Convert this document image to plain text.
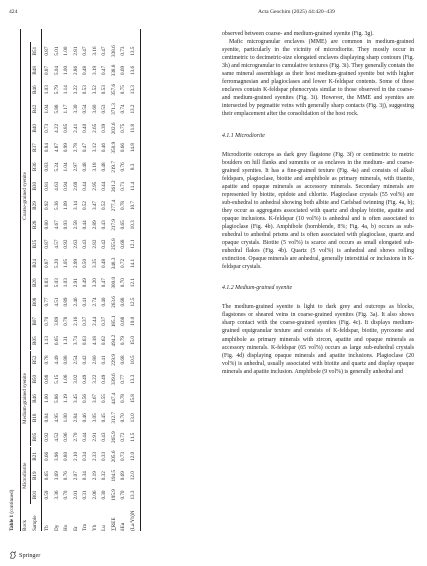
424	Acta Geochim (2025) 44:420–439
Table 1 (continued)
Rock
Microdiorite
Medium-grained syenite
Coarse-grained syenite
Sample
B01
B19
B21
B05
B18
B46
B50
B52
B05
B07
B08
B20
B24
B25
B28
B29
B30
B36
B37
B40
B42
B46
B48
B51
Tb
0.59
0.65
0.66
0.92
0.84
1.00
0.88
0.78
1.13
0.70
0.77
0.83
0.87
0.87
0.80
0.92
0.81
0.83
0.84
0.73
1.04
1.03
0.87
0.87
Dy
3.36
3.69
3.96
4.52
4.95
5.86
5.15
4.49
6.65
3.89
4.51
5.03
5.20
4.57
4.67
5.36
4.63
5.24
4.87
4.22
5.88
5.79
5.04
5.01
Ho
0.70
0.76
0.80
0.96
1.00
1.19
1.06
0.88
1.31
0.78
0.89
1.03
1.05
0.92
0.93
1.09
0.94
1.04
0.99
0.85
1.17
1.14
1.00
1.00
Er
2.01
2.07
2.10
2.70
2.84
3.45
3.02
2.54
3.74
2.16
2.46
2.91
2.99
2.63
2.58
3.14
2.69
2.97
2.78
2.41
3.30
3.22
2.86
2.81
Tm
0.31
0.34
0.34
0.44
0.46
0.56
0.49
0.42
0.63
0.37
0.41
0.49
0.50
0.43
0.44
0.52
0.44
0.48
0.47
0.40
0.54
0.53
0.48
0.47
Yb
2.06
2.19
2.33
2.91
3.05
3.67
3.22
2.80
4.18
2.44
2.74
3.20
3.35
2.82
2.89
3.47
2.95
3.18
3.12
2.65
3.60
3.52
3.19
3.16
Lu
0.30
0.32
0.33
0.43
0.45
0.55
0.49
0.41
0.62
0.37
0.40
0.47
0.48
0.42
0.43
0.52
0.44
0.48
0.46
0.39
0.53
0.53
0.47
0.47
∑REE
195.9
194.5
205.6
265.9
312.7
447.4
339.6
229.9
494.2
185.1
263.6
300.0
348.3
255.8
217.9
277.4
261.2
219.7
350.9
202.6
371.3
357.6
338.8
338.6
δEu
0.70
0.69
0.73
0.72
0.70
0.78
0.77
0.68
0.79
0.68
0.68
0.70
0.72
0.68
0.65
0.78
0.71
0.76
0.66
0.75
0.74
0.75
0.69
0.73
(La/Yb)N
13.3
12.0
12.0
11.5
13.0
15.8
13.3
10.5
15.0
10.0
12.5
12.1
14.1
12.1
10.3
10.7
11.4
8.3
14.8
11.8
13.2
13.3
13.6
13.5
Springer

observed between coarse- and medium-grained syenite (Fig. 3g).

Mafic microgranular enclaves (MME) are common in medium-grained syenite, particularly in the vicinity of microdiorite. They mostly occur in centimetric to decimetric-size elongated enclaves displaying sharp contours (Fig. 3h) and microgranular to cumulative textures (Fig. 3i). They generally contain the same mineral assemblage as their host medium-grained syenite but with higher ferromagnesian and plagioclases and lower K-feldspar contents. Some of these enclaves contain K-feldspar phenocrysts similar to those observed in the coarse- and medium-grained syenites (Fig. 3i). However, the MME and syenites are intersected by pegmatite veins with generally sharp contacts (Fig. 3j), suggesting their emplacement after the consolidation of the host rock.

4.1.1 Microdiorite

Microdiorite outcrops as dark grey flagstone (Fig. 3f) or centimetric to metric boulders on hill flanks and summits or as enclaves in the medium- and coarse-grained syenites. It has a fine-grained texture (Fig. 4a) and consists of alkali feldspars, plagioclase, biotite and amphibole as primary minerals, with titanite, apatite and opaque minerals as accessory minerals. Secondary minerals are represented by biotite, epidote and chlorite. Plagioclase crystals (55 vol%) are sub-euhedral to anhedral showing both albite and Carlsbad twinning (Fig. 4a, b); they occur as aggregates associated with quartz and display biotite, apatite and opaque inclusions. K-feldspar (10 vol%) is anhedral and is often associated to plagioclase (Fig. 4b). Amphibole (hornblende, 8%; Fig. 4a, b) occurs as sub-euhedral to anhedral prisms and is often associated with plagioclase, quartz and opaque crystals. Biotite (5 vol%) is scarce and occurs as small elongated sub-euhedral flakes (Fig. 4b). Quartz (5 vol%) is anhedral and shows rolling extinction. Opaque minerals are anhedral, generally interstitial or inclusions in K-feldspar crystals.

4.1.2 Medium-grained syenite

The medium-grained syenite is light to dark grey and outcrops as blocks, flagstones or sheared veins in coarse-grained syenites (Fig. 3a). It also shows sharp contact with the coarse-grained syenites (Fig. 4c). It displays medium-grained equigranular texture and consists of K-feldspar, biotite, pyroxene and amphibole as primary minerals with zircon, apatite and opaque minerals as accessory minerals. K-feldspar (65 vol%) occurs as large sub-euhedral crystals (Fig. 4d) displaying opaque minerals and apatite inclusions. Plagioclase (20 vol%) is anhedral, usually associated with biotite and quartz and display opaque minerals and apatite inclusion. Amphibole (9 vol%) is generally anhedral and
